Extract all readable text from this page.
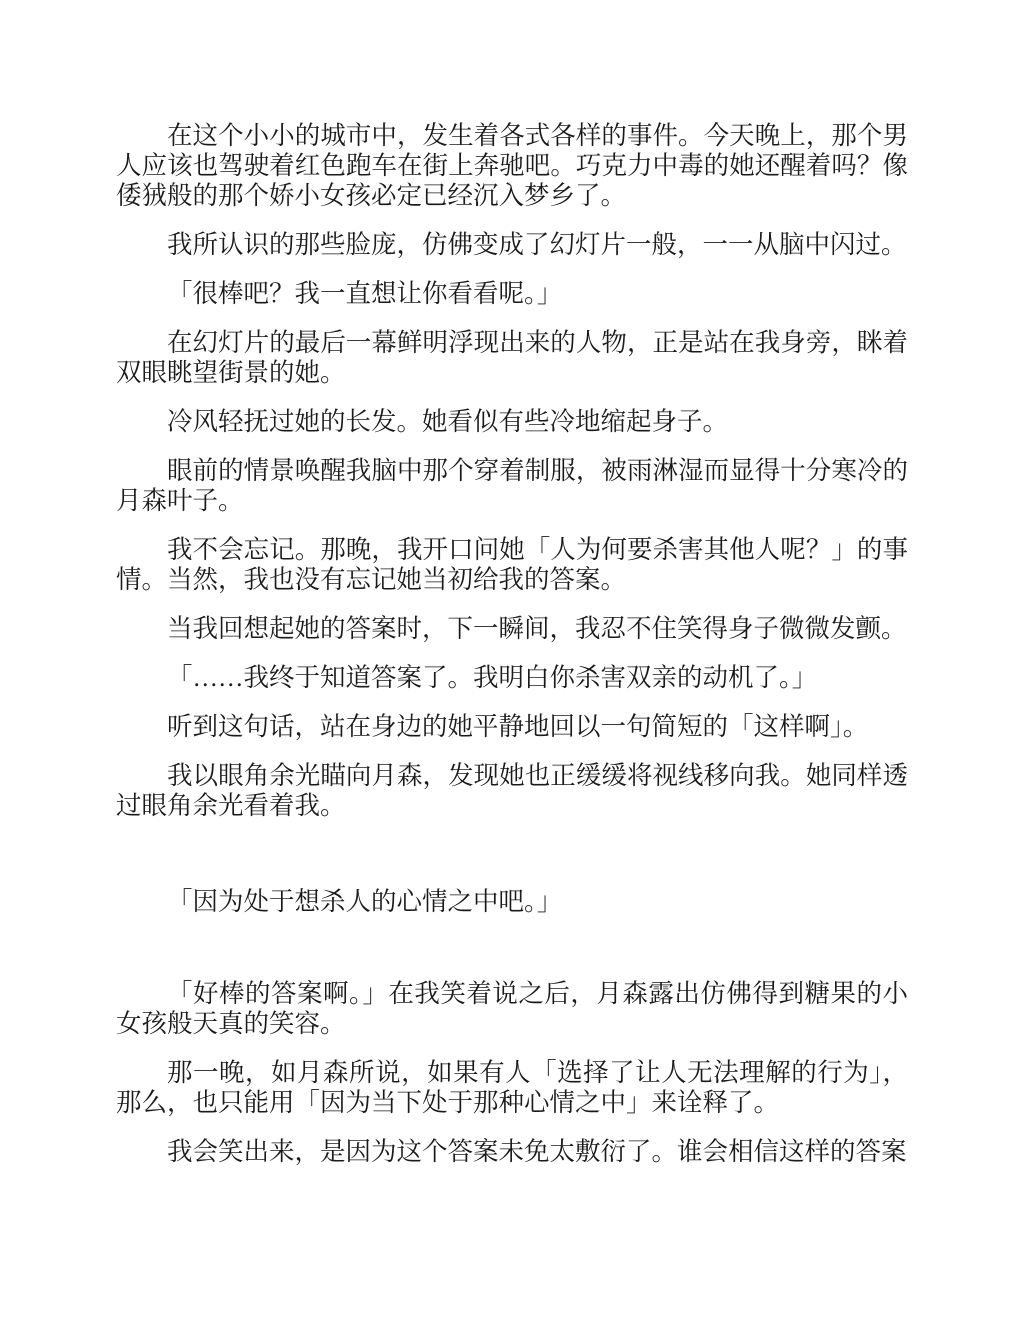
在这个小小的城市中，发生着各式各样的事件。今天晚上，那个男人应该也驾驶着红色跑车在街上奔驰吧。巧克力中毒的她还醒着吗？像倭狨般的那个娇小女孩必定已经沉入梦乡了。

我所认识的那些脸庞，仿佛变成了幻灯片一般，一一从脑中闪过。

「很棒吧？我一直想让你看看呢。」

在幻灯片的最后一幕鲜明浮现出来的人物，正是站在我身旁，眯着双眼眺望街景的她。

冷风轻抚过她的长发。她看似有些冷地缩起身子。

眼前的情景唤醒我脑中那个穿着制服，被雨淋湿而显得十分寒冷的月森叶子。

我不会忘记。那晚，我开口问她「人为何要杀害其他人呢？」的事情。当然，我也没有忘记她当初给我的答案。

当我回想起她的答案时，下一瞬间，我忍不住笑得身子微微发颤。

「……我终于知道答案了。我明白你杀害双亲的动机了。」

听到这句话，站在身边的她平静地回以一句简短的「这样啊」。

我以眼角余光瞄向月森，发现她也正缓缓将视线移向我。她同样透过眼角余光看着我。

「因为处于想杀人的心情之中吧。」

「好棒的答案啊。」在我笑着说之后，月森露出仿佛得到糖果的小女孩般天真的笑容。

那一晚，如月森所说，如果有人「选择了让人无法理解的行为」，那么，也只能用「因为当下处于那种心情之中」来诠释了。

我会笑出来，是因为这个答案未免太敷衍了。谁会相信这样的答案
